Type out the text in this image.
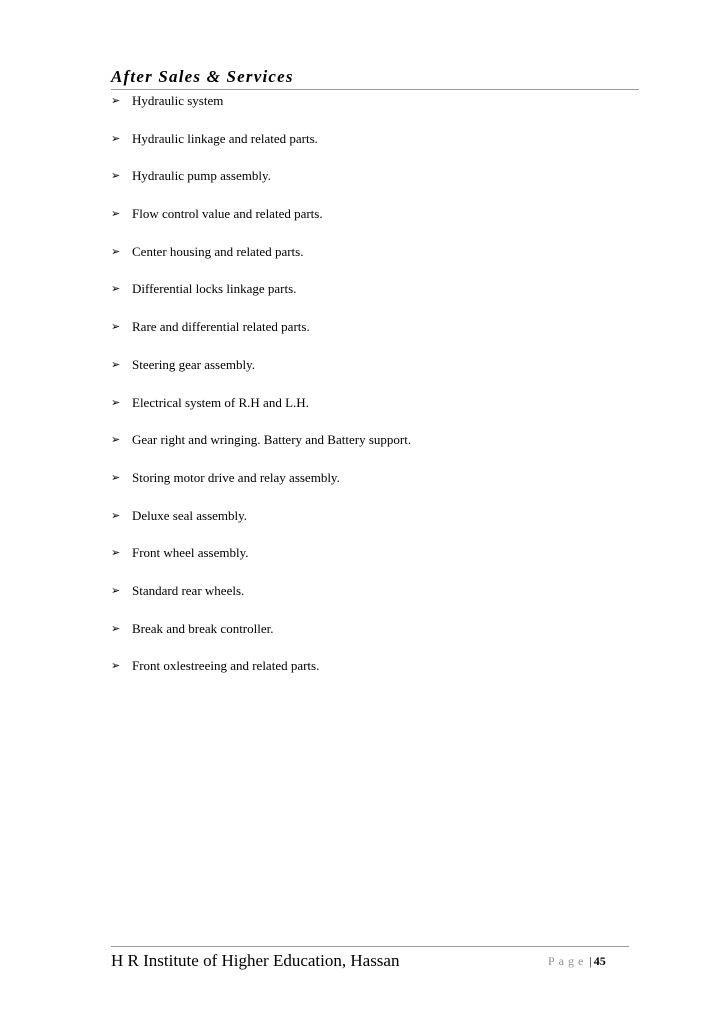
After Sales & Services
➢ Hydraulic system
➢ Hydraulic linkage and related parts.
➢ Hydraulic pump assembly.
➢ Flow control value and related parts.
➢ Center housing and related parts.
➢ Differential locks linkage parts.
➢ Rare and differential related parts.
➢ Steering gear assembly.
➢ Electrical system of R.H and L.H.
➢ Gear right and wringing. Battery and Battery support.
➢ Storing motor drive and relay assembly.
➢ Deluxe seal assembly.
➢ Front wheel assembly.
➢ Standard rear wheels.
➢ Break and break controller.
➢ Front oxlestreeing and related parts.
H R Institute of Higher Education, Hassan	Page | 45
